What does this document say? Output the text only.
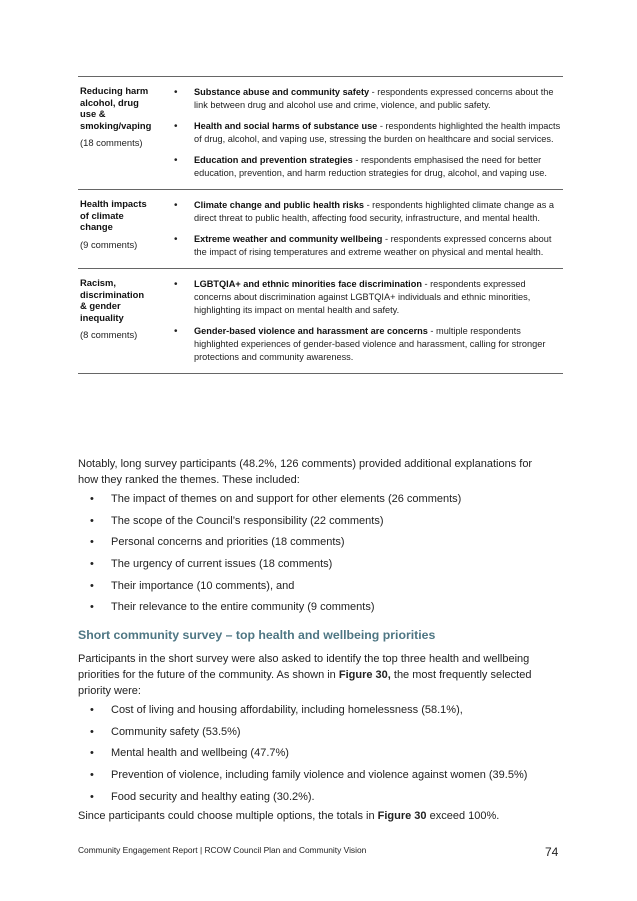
Reducing harm
alcohol, drug
use &
smoking/vaping
(18 comments)
•	Substance abuse and community safety - respondents expressed concerns about the link between drug and alcohol use and crime, violence, and public safety.
•	Health and social harms of substance use - respondents highlighted the health impacts of drug, alcohol, and vaping use, stressing the burden on healthcare and social services.
•	Education and prevention strategies - respondents emphasised the need for better education, prevention, and harm reduction strategies for drug, alcohol, and vaping use.
Health impacts
of climate
change
(9 comments)
•	Climate change and public health risks - respondents highlighted climate change as a direct threat to public health, affecting food security, infrastructure, and mental health.
•	Extreme weather and community wellbeing - respondents expressed concerns about the impact of rising temperatures and extreme weather on physical and mental health.
Racism,
discrimination
& gender
inequality
(8 comments)
•	LGBTQIA+ and ethnic minorities face discrimination - respondents expressed concerns about discrimination against LGBTQIA+ individuals and ethnic minorities, highlighting its impact on mental health and safety.
•	Gender-based violence and harassment are concerns - multiple respondents highlighted experiences of gender-based violence and harassment, calling for stronger protections and community awareness.

Notably, long survey participants (48.2%, 126 comments) provided additional explanations for how they ranked the themes. These included:

•	The impact of themes on and support for other elements (26 comments)
•	The scope of the Council’s responsibility (22 comments)
•	Personal concerns and priorities (18 comments)
•	The urgency of current issues (18 comments)
•	Their importance (10 comments), and
•	Their relevance to the entire community (9 comments)
Short community survey – top health and wellbeing priorities

Participants in the short survey were also asked to identify the top three health and wellbeing priorities for the future of the community. As shown in Figure 30, the most frequently selected priority were:

•	Cost of living and housing affordability, including homelessness (58.1%),
•	Community safety (53.5%)
•	Mental health and wellbeing (47.7%)
•	Prevention of violence, including family violence and violence against women (39.5%)
•	Food security and healthy eating (30.2%).

Since participants could choose multiple options, the totals in Figure 30 exceed 100%.

Community Engagement Report | RCOW Council Plan and Community Vision	74
